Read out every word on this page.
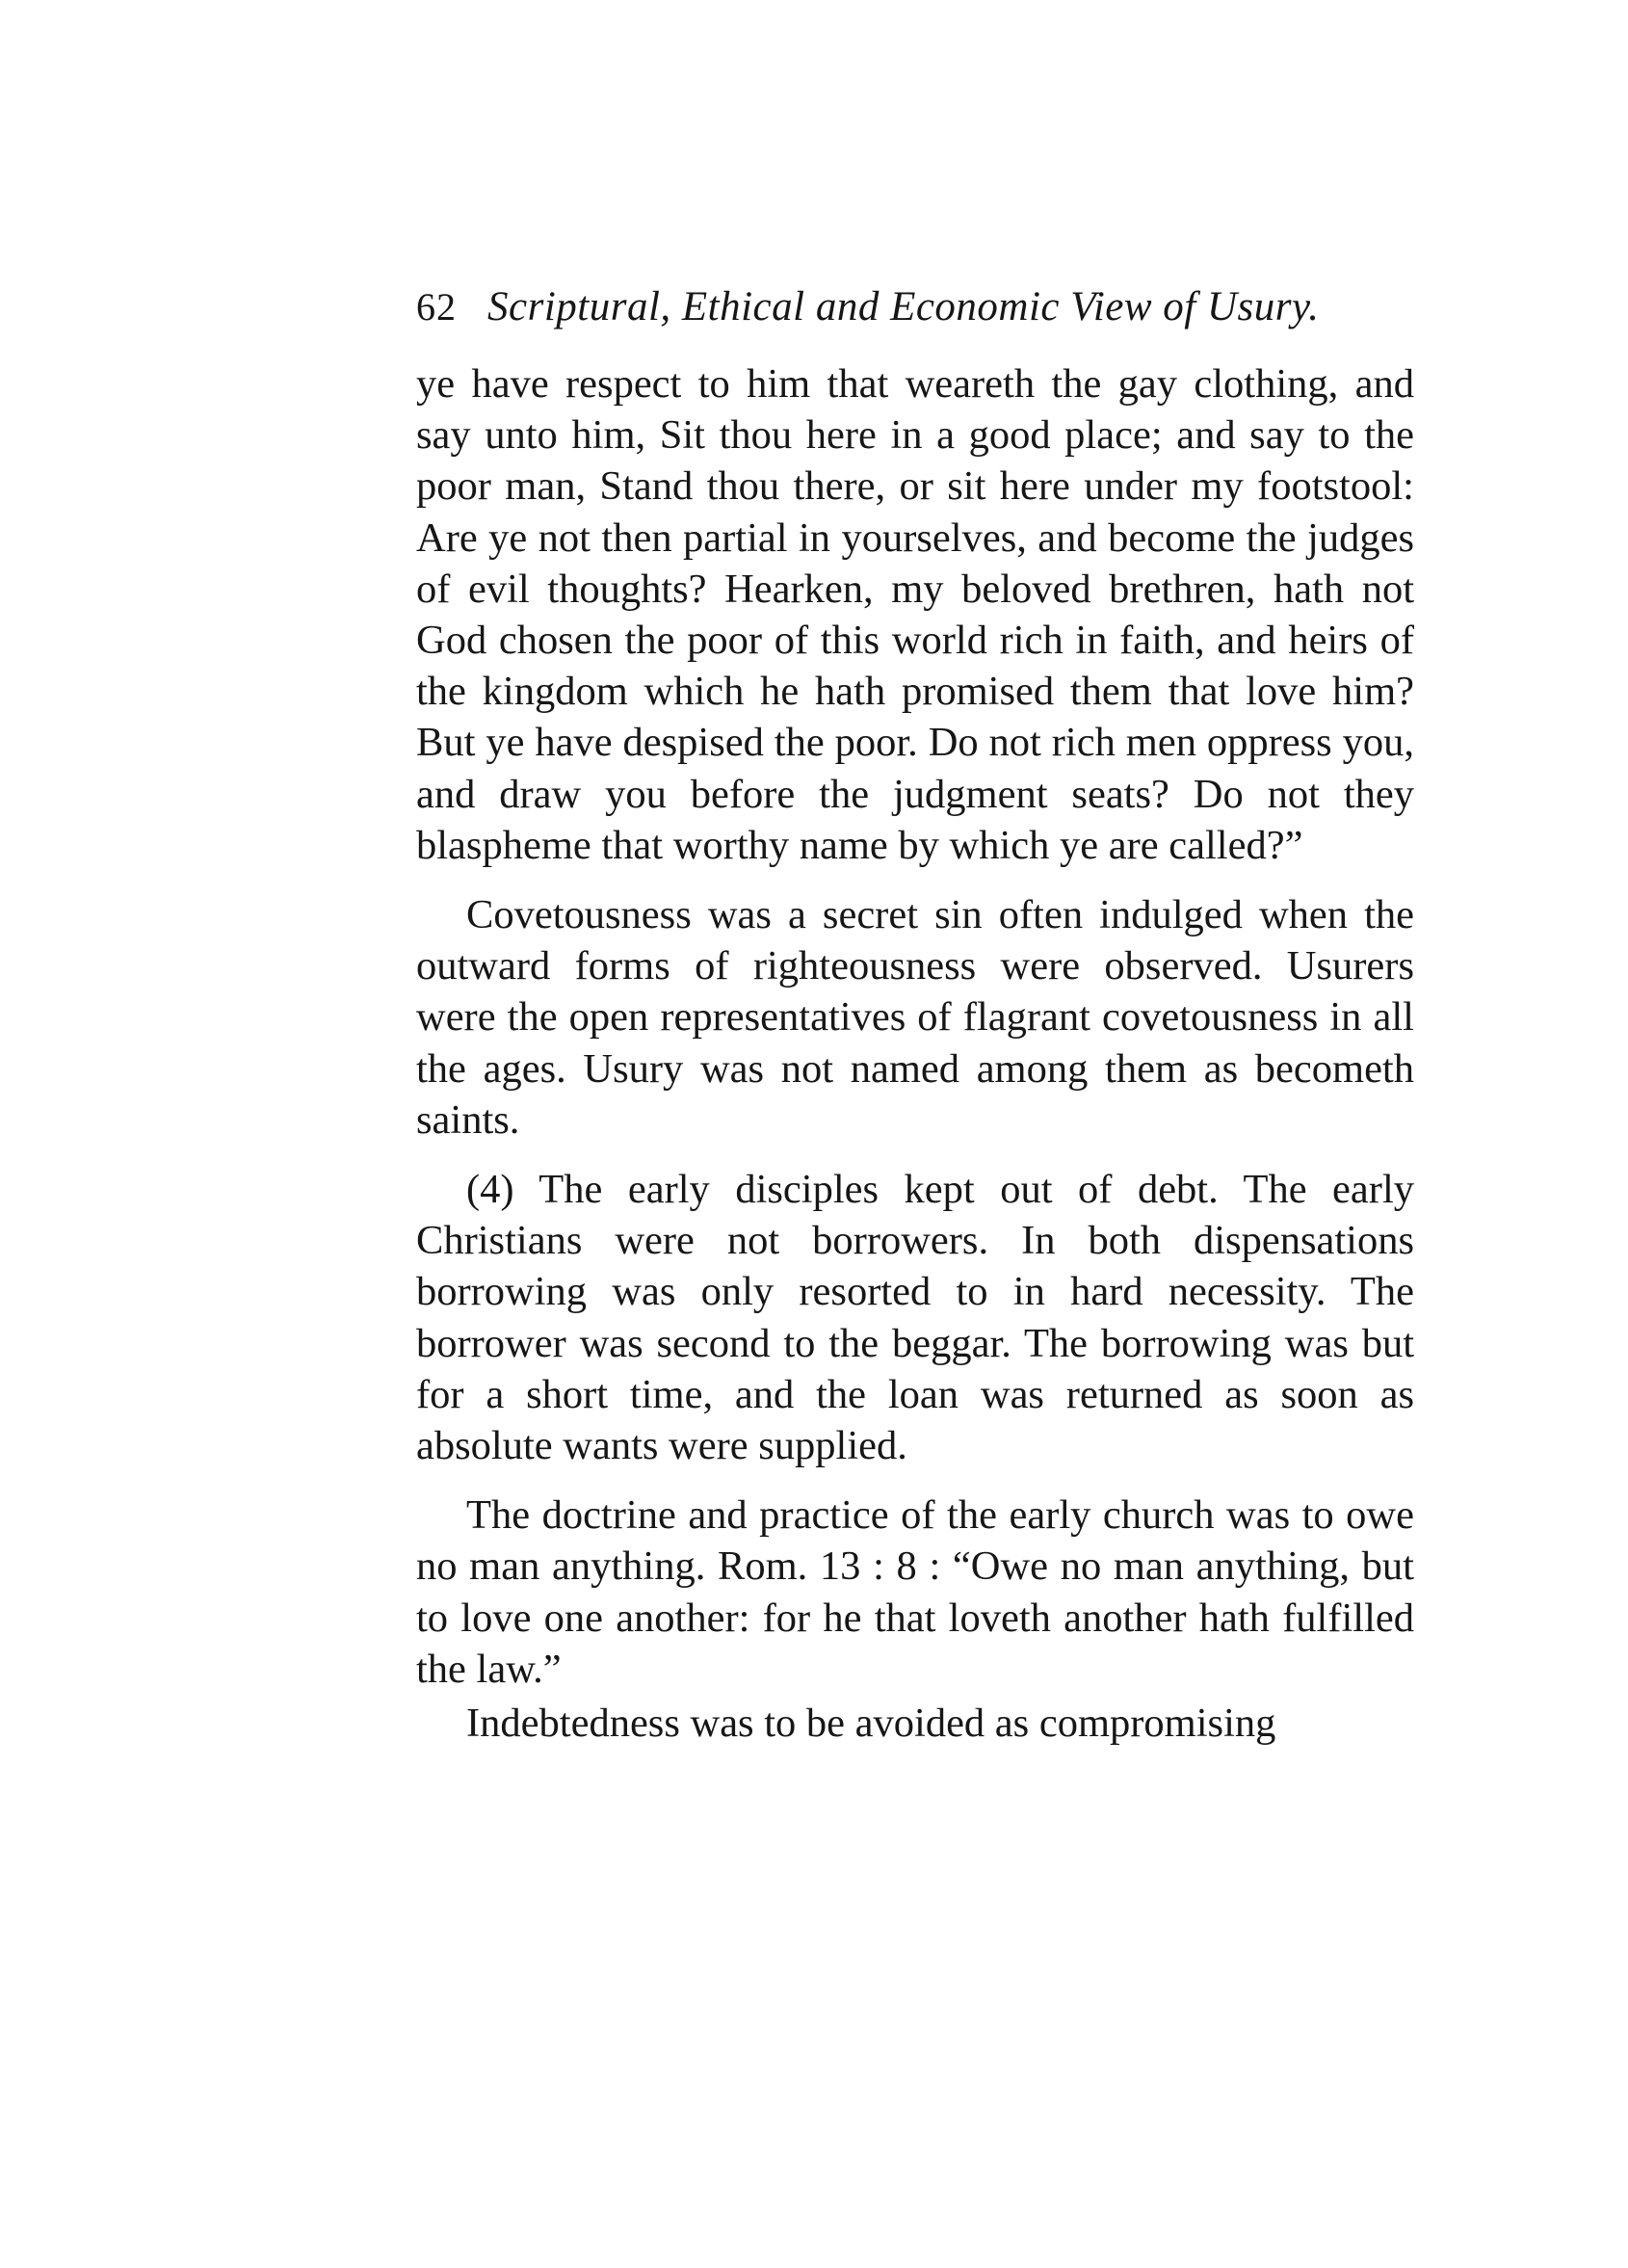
62 Scriptural, Ethical and Economic View of Usury.

ye have respect to him that weareth the gay clothing, and say unto him, Sit thou here in a good place; and say to the poor man, Stand thou there, or sit here under my footstool: Are ye not then partial in yourselves, and become the judges of evil thoughts? Hearken, my beloved brethren, hath not God chosen the poor of this world rich in faith, and heirs of the kingdom which he hath promised them that love him? But ye have despised the poor. Do not rich men oppress you, and draw you before the judgment seats? Do not they blaspheme that worthy name by which ye are called?”

Covetousness was a secret sin often indulged when the outward forms of righteousness were observed. Usurers were the open representatives of flagrant covetousness in all the ages. Usury was not named among them as becometh saints.

(4) The early disciples kept out of debt. The early Christians were not borrowers. In both dispensations borrowing was only resorted to in hard necessity. The borrower was second to the beggar. The borrowing was but for a short time, and the loan was returned as soon as absolute wants were supplied.

The doctrine and practice of the early church was to owe no man anything. Rom. 13 : 8 : “Owe no man anything, but to love one another: for he that loveth another hath fulfilled the law.”

Indebtedness was to be avoided as compromising
